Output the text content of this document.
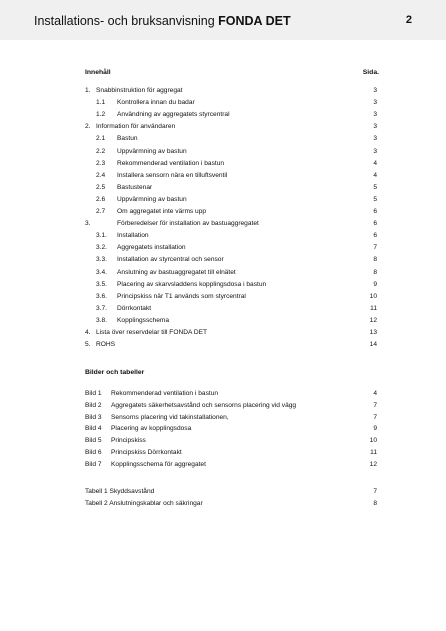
Installations- och bruksanvisning FONDA DET	2
Innehåll	Sida.
1. Snabbinstruktion för aggregat	3
1.1 Kontrollera innan du badar	3
1.2 Användning av aggregatets styrcentral	3
2. Information för användaren	3
2.1 Bastun	3
2.2 Uppvärmning av bastun	3
2.3 Rekommenderad ventilation i bastun	4
2.4 Installera sensorn nära en tilluftsventil	4
2.5 Bastustenar	5
2.6 Uppvärmning av bastun	5
2.7 Om aggregatet inte värms upp	6
3.	Förberedelser för installation av bastuaggregatet	6
3.1. Installation	6
3.2. Aggregatets installation	7
3.3. Installation av styrcentral och sensor	8
3.4. Anslutning av bastuaggregatet till elnätet	8
3.5. Placering av skarvsladdens kopplingsdosa i bastun	9
3.6. Principskiss när T1 används som styrcentral	10
3.7. Dörrkontakt	11
3.8. Kopplingsschema	12
4. Lista över reservdelar till FONDA DET	13
5. ROHS	14
Bilder och tabeller
Bild 1 Rekommenderad ventilation i bastun	4
Bild 2 Aggregatets säkerhetsavstånd och sensorns placering vid vägg	7
Bild 3 Sensorns placering vid takinstallationen,	7
Bild 4 Placering av kopplingsdosa	9
Bild 5 Principskiss	10
Bild 6 Principskiss Dörrkontakt	11
Bild 7 Kopplingsschema för aggregatet	12
Tabell 1 Skyddsavstånd	7
Tabell 2 Anslutningskablar och säkringar	8
